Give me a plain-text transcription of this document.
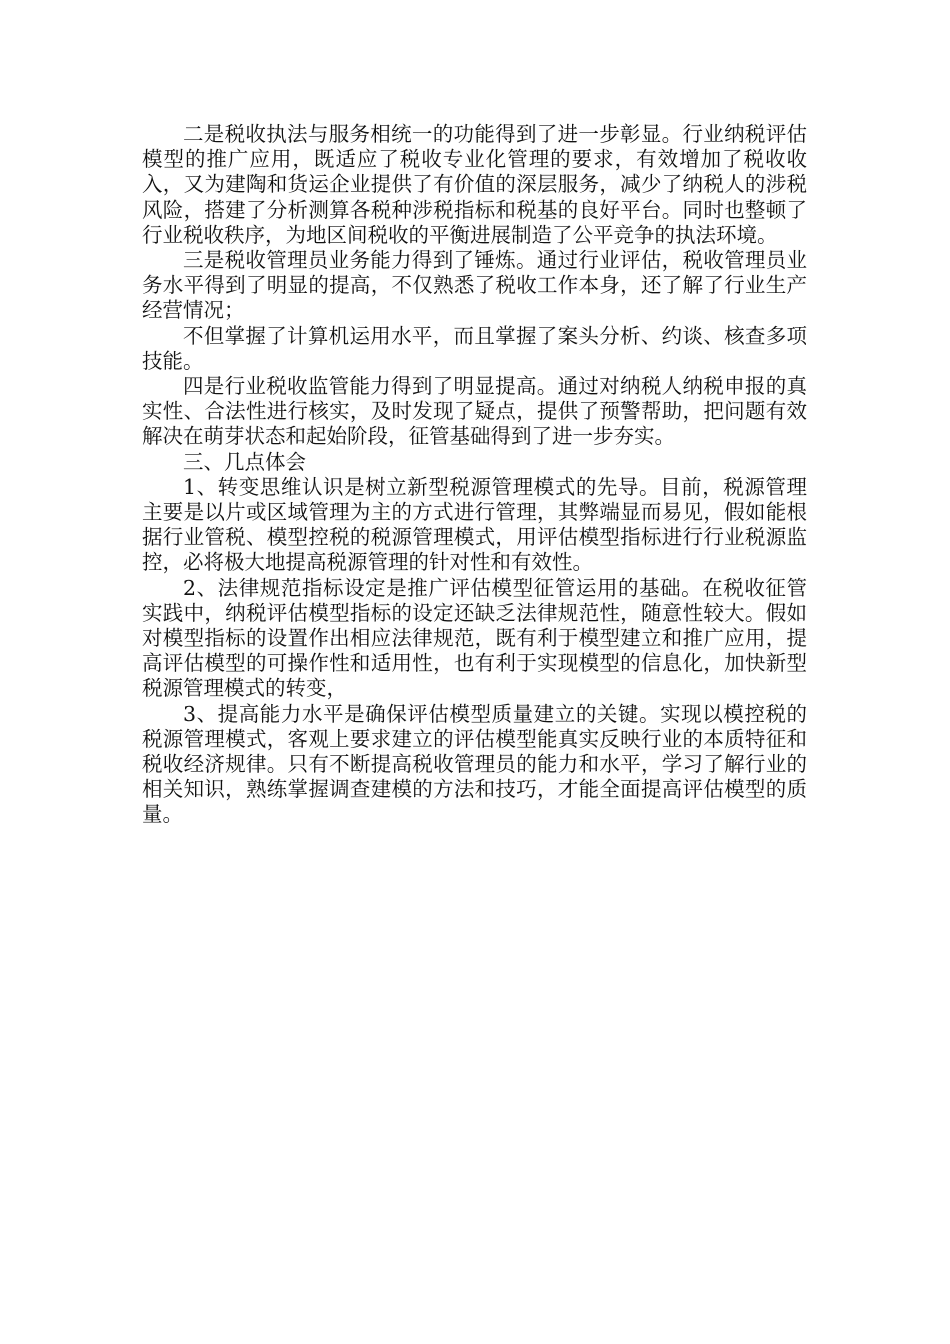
二是税收执法与服务相统一的功能得到了进一步彰显。行业纳税评估模型的推广应用，既适应了税收专业化管理的要求，有效增加了税收收入，又为建陶和货运企业提供了有价值的深层服务，减少了纳税人的涉税风险，搭建了分析测算各税种涉税指标和税基的良好平台。同时也整顿了行业税收秩序，为地区间税收的平衡进展制造了公平竞争的执法环境。

三是税收管理员业务能力得到了锤炼。通过行业评估，税收管理员业务水平得到了明显的提高，不仅熟悉了税收工作本身，还了解了行业生产经营情况；

不但掌握了计算机运用水平，而且掌握了案头分析、约谈、核查多项技能。

四是行业税收监管能力得到了明显提高。通过对纳税人纳税申报的真实性、合法性进行核实，及时发现了疑点，提供了预警帮助，把问题有效解决在萌芽状态和起始阶段，征管基础得到了进一步夯实。

三、几点体会

1、转变思维认识是树立新型税源管理模式的先导。目前，税源管理主要是以片或区域管理为主的方式进行管理，其弊端显而易见，假如能根据行业管税、模型控税的税源管理模式，用评估模型指标进行行业税源监控，必将极大地提高税源管理的针对性和有效性。

2、法律规范指标设定是推广评估模型征管运用的基础。在税收征管实践中，纳税评估模型指标的设定还缺乏法律规范性，随意性较大。假如对模型指标的设置作出相应法律规范，既有利于模型建立和推广应用，提高评估模型的可操作性和适用性，也有利于实现模型的信息化，加快新型税源管理模式的转变，

3、提高能力水平是确保评估模型质量建立的关键。实现以模控税的税源管理模式，客观上要求建立的评估模型能真实反映行业的本质特征和税收经济规律。只有不断提高税收管理员的能力和水平，学习了解行业的相关知识，熟练掌握调查建模的方法和技巧，才能全面提高评估模型的质量。
